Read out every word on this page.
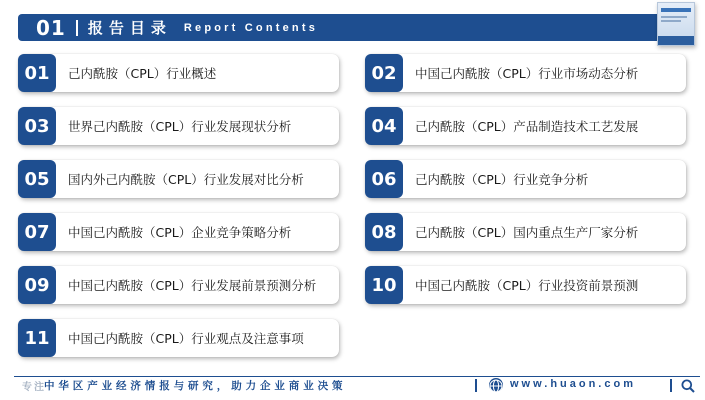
01 报告目录 Report Contents
01	己内酰胺（CPL）行业概述	02	中国己内酰胺（CPL）行业市场动态分析
03	世界己内酰胺（CPL）行业发展现状分析	04	己内酰胺（CPL）产品制造技术工艺发展
05	国内外己内酰胺（CPL）行业发展对比分析	06	己内酰胺（CPL）行业竞争分析
07	中国己内酰胺（CPL）企业竞争策略分析	08	己内酰胺（CPL）国内重点生产厂家分析
09	中国己内酰胺（CPL）行业发展前景预测分析	10	中国己内酰胺（CPL）行业投资前景预测
11	中国己内酰胺（CPL）行业观点及注意事项
专注
中华区产业经济情报与研究，助力企业商业决策	www.huaon.com
